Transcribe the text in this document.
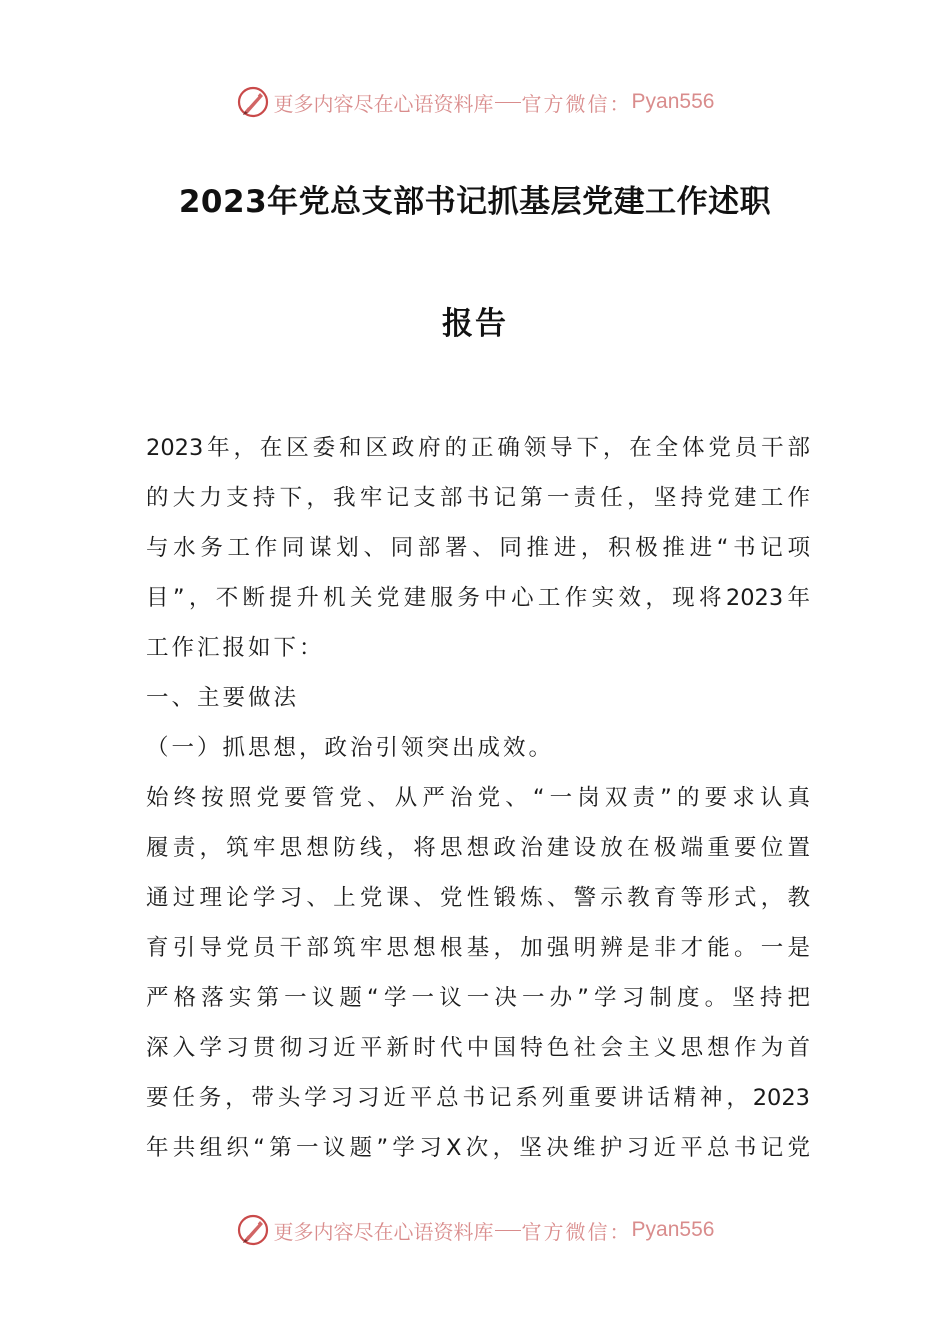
更多内容尽在心语资料库 官方微信： Pyan556
2023年党总支部书记抓基层党建工作述职
报告
2023年，在区委和区政府的正确领导下，在全体党员干部
的大力支持下，我牢记支部书记第一责任，坚持党建工作
与水务工作同谋划、同部署、同推进，积极推进“书记项
目”，不断提升机关党建服务中心工作实效，现将2023年
工作汇报如下：
一、主要做法
（一）抓思想，政治引领突出成效。
始终按照党要管党、从严治党、“一岗双责”的要求认真
履责，筑牢思想防线，将思想政治建设放在极端重要位置
通过理论学习、上党课、党性锻炼、警示教育等形式，教
育引导党员干部筑牢思想根基，加强明辨是非才能。一是
严格落实第一议题“学一议一决一办”学习制度。坚持把
深入学习贯彻习近平新时代中国特色社会主义思想作为首
要任务，带头学习习近平总书记系列重要讲话精神，2023
年共组织“第一议题”学习X次，坚决维护习近平总书记党
更多内容尽在心语资料库 官方微信： Pyan556
